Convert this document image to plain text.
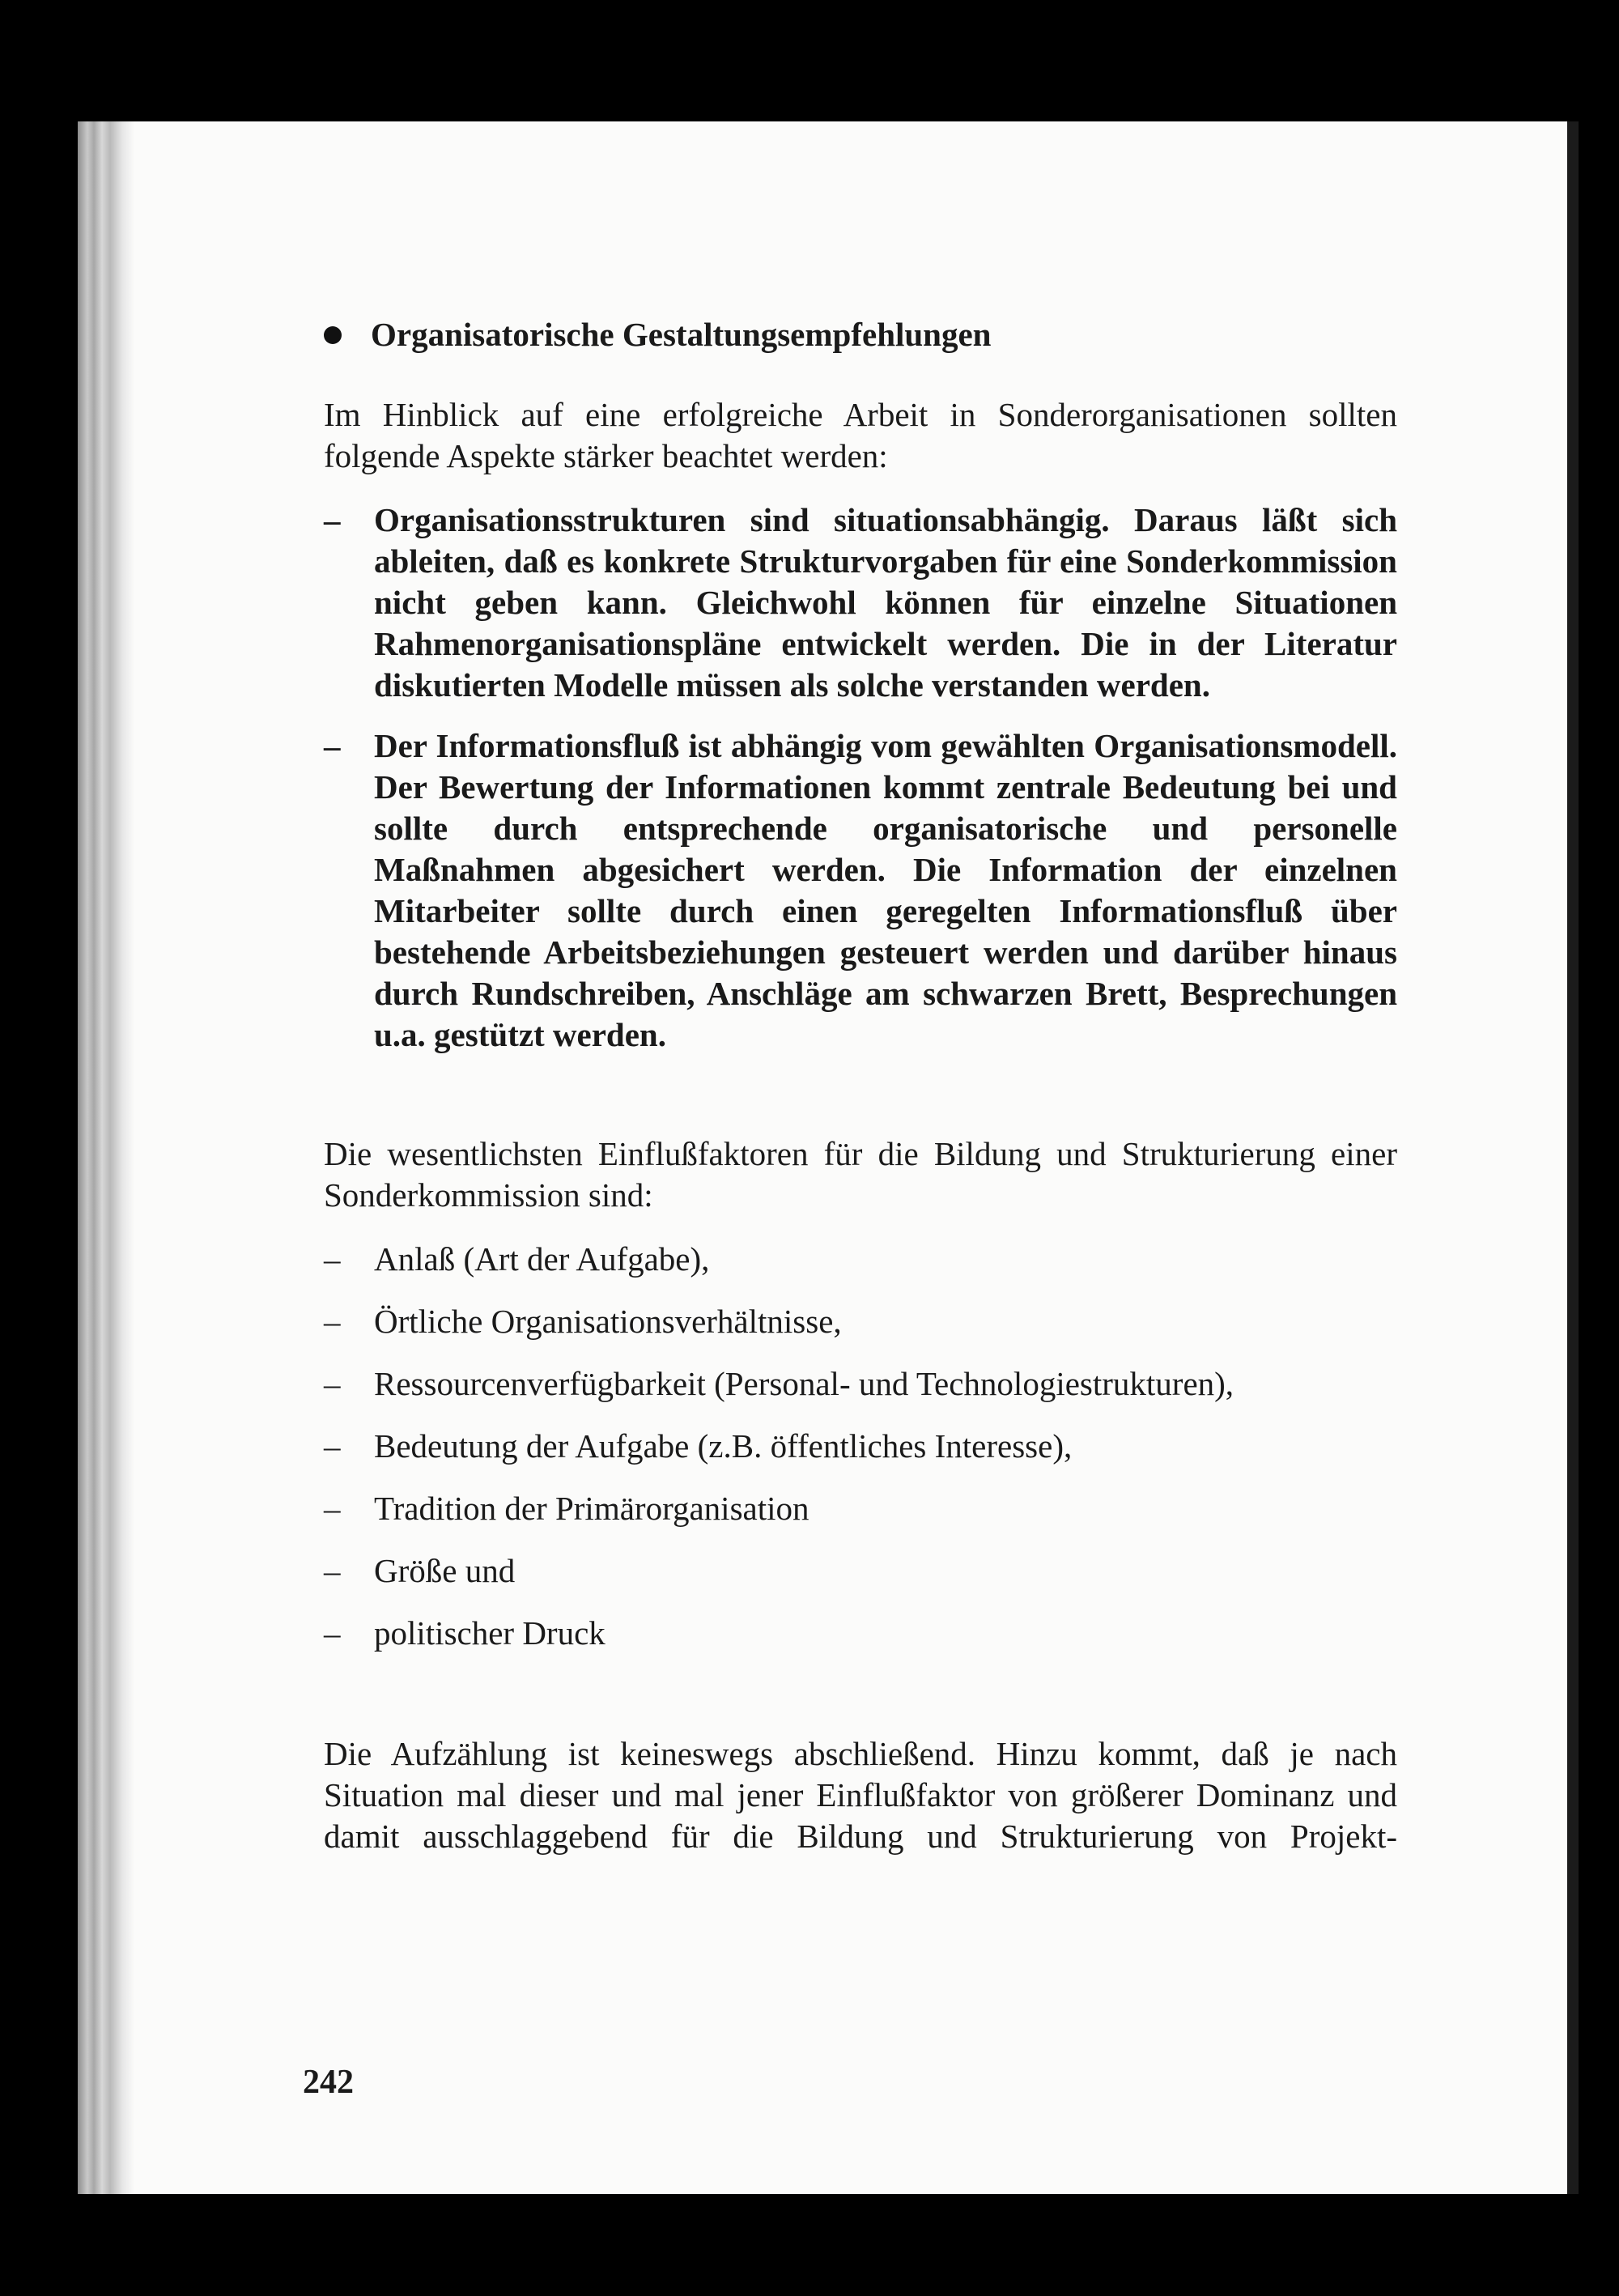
Organisatorische Gestaltungsempfehlungen

Im Hinblick auf eine erfolgreiche Arbeit in Sonderorganisationen sollten folgende Aspekte stärker beachtet werden:

–	Organisationsstrukturen sind situationsabhängig. Daraus läßt sich ableiten, daß es konkrete Strukturvorgaben für eine Sonderkommission nicht geben kann. Gleichwohl können für einzelne Situationen Rahmenorganisationspläne entwickelt werden. Die in der Literatur diskutierten Modelle müssen als solche verstanden werden.
–	Der Informationsfluß ist abhängig vom gewählten Organisationsmodell. Der Bewertung der Informationen kommt zentrale Bedeutung bei und sollte durch entsprechende organisatorische und personelle Maßnahmen abgesichert werden. Die Information der einzelnen Mitarbeiter sollte durch einen geregelten Informationsfluß über bestehende Arbeitsbeziehungen gesteuert werden und darüber hinaus durch Rundschreiben, Anschläge am schwarzen Brett, Besprechungen u.a. gestützt werden.

Die wesentlichsten Einflußfaktoren für die Bildung und Strukturierung einer Sonderkommission sind:

–	Anlaß (Art der Aufgabe),
–	Örtliche Organisationsverhältnisse,
–	Ressourcenverfügbarkeit (Personal- und Technologiestrukturen),
–	Bedeutung der Aufgabe (z.B. öffentliches Interesse),
–	Tradition der Primärorganisation
–	Größe und
–	politischer Druck

Die Aufzählung ist keineswegs abschließend. Hinzu kommt, daß je nach Situation mal dieser und mal jener Einflußfaktor von größerer Dominanz und damit ausschlaggebend für die Bildung und Strukturierung von Projekt-

242
